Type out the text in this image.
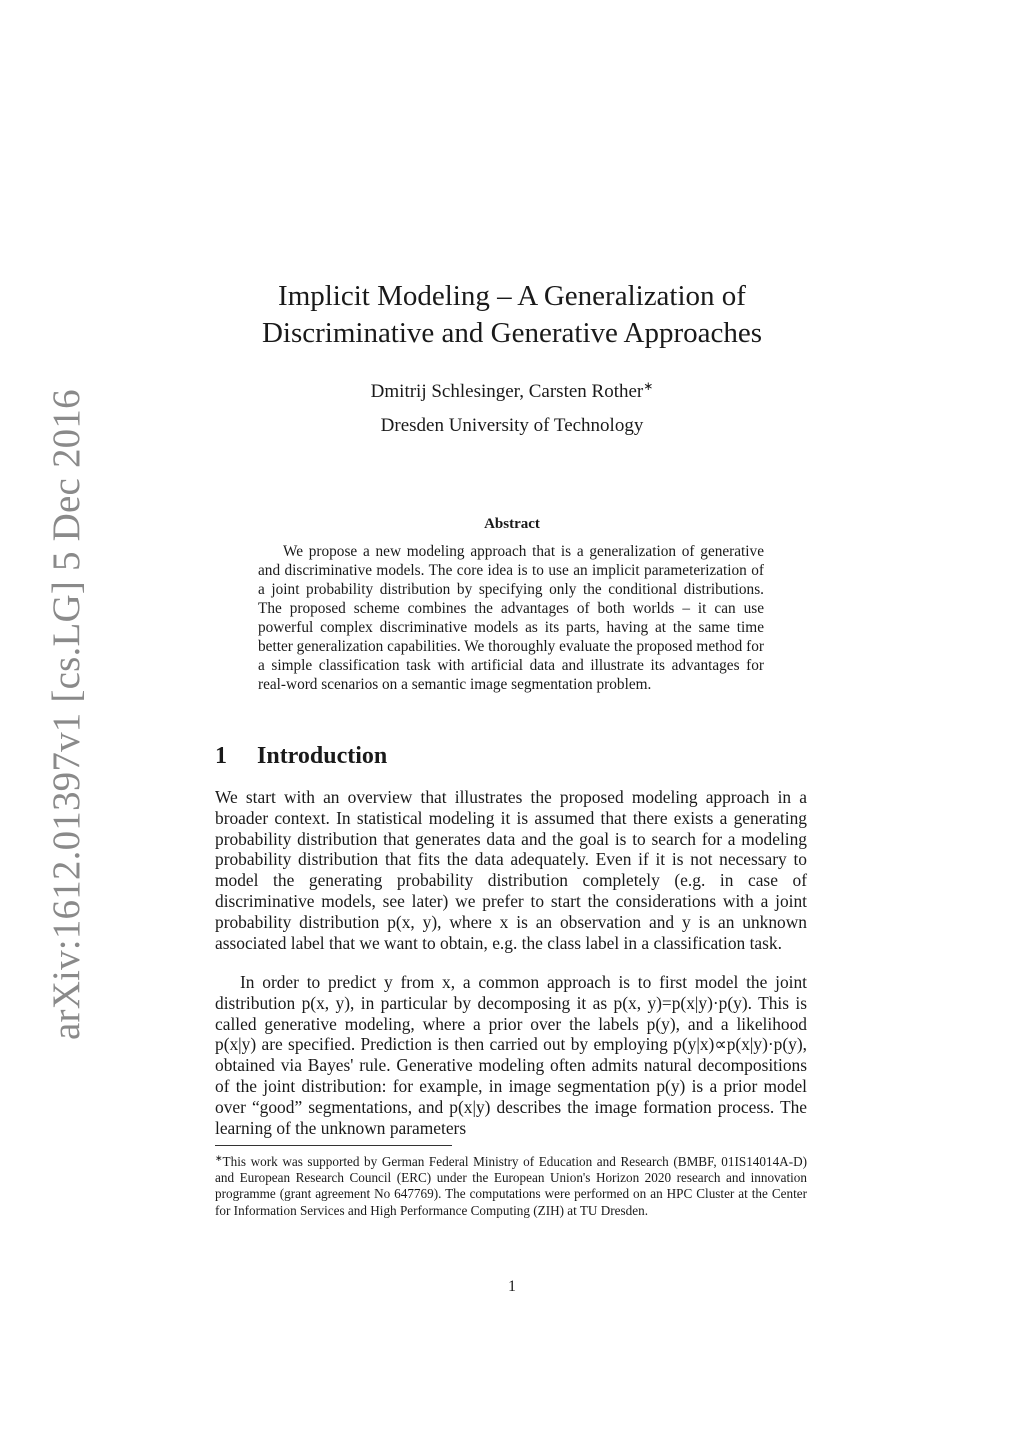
arXiv:1612.01397v1 [cs.LG] 5 Dec 2016
Implicit Modeling – A Generalization of
Discriminative and Generative Approaches
Dmitrij Schlesinger, Carsten Rother∗
Dresden University of Technology
Abstract

We propose a new modeling approach that is a generalization of generative and discriminative models. The core idea is to use an implicit parameterization of a joint probability distribution by specifying only the conditional distributions. The proposed scheme combines the advantages of both worlds – it can use powerful complex discriminative models as its parts, having at the same time better generalization capabilities. We thoroughly evaluate the proposed method for a simple classification task with artificial data and illustrate its advantages for real-word scenarios on a semantic image segmentation problem.

1 Introduction

We start with an overview that illustrates the proposed modeling approach in a broader context. In statistical modeling it is assumed that there exists a generating probability distribution that generates data and the goal is to search for a modeling probability distribution that fits the data adequately. Even if it is not necessary to model the generating probability distribution completely (e.g. in case of discriminative models, see later) we prefer to start the considerations with a joint probability distribution p(x, y), where x is an observation and y is an unknown associated label that we want to obtain, e.g. the class label in a classification task.

In order to predict y from x, a common approach is to first model the joint distribution p(x, y), in particular by decomposing it as p(x, y)=p(x|y)·p(y). This is called generative modeling, where a prior over the labels p(y), and a likelihood p(x|y) are specified. Prediction is then carried out by employing p(y|x)∝p(x|y)·p(y), obtained via Bayes' rule. Generative modeling often admits natural decompositions of the joint distribution: for example, in image segmentation p(y) is a prior model over “good” segmentations, and p(x|y) describes the image formation process. The learning of the unknown parameters

∗This work was supported by German Federal Ministry of Education and Research (BMBF, 01IS14014A-D) and European Research Council (ERC) under the European Union's Horizon 2020 research and innovation programme (grant agreement No 647769). The computations were performed on an HPC Cluster at the Center for Information Services and High Performance Computing (ZIH) at TU Dresden.

1
